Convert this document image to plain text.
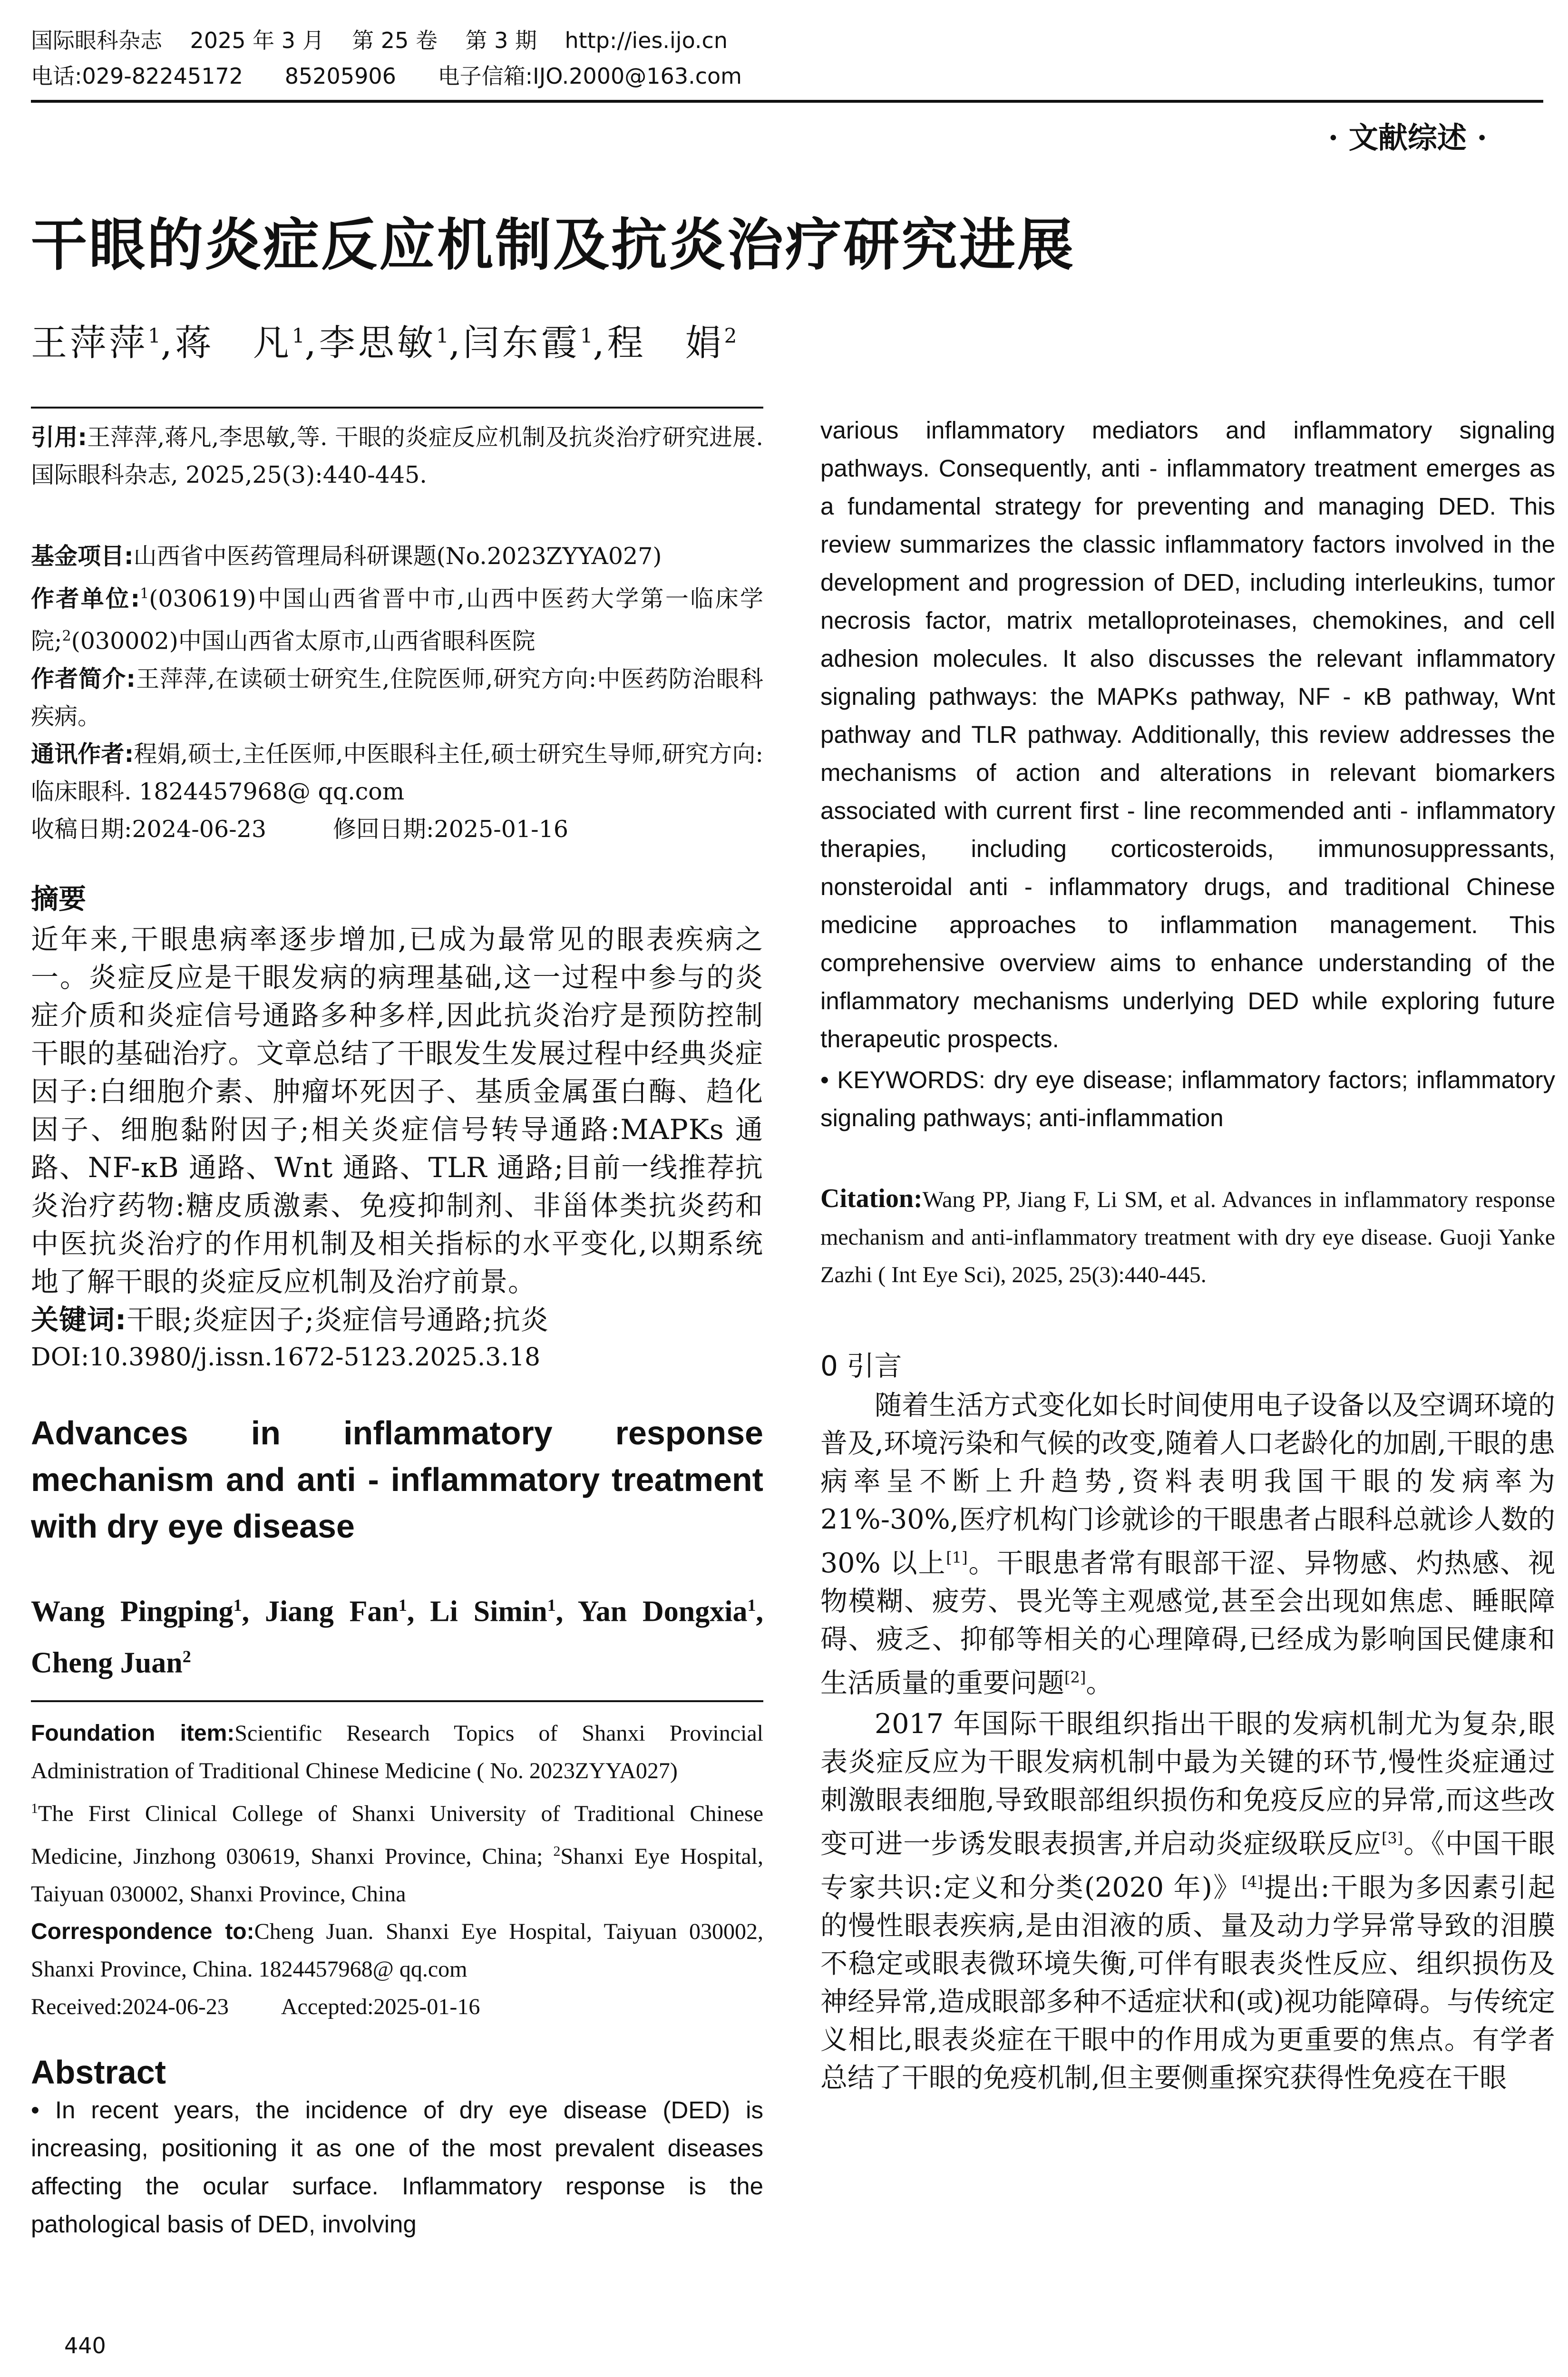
国际眼科杂志    2025 年 3 月    第 25 卷    第 3 期    http://ies.ijo.cn
电话:029-82245172      85205906      电子信箱:IJO.2000@163.com
· 文献综述 ·
干眼的炎症反应机制及抗炎治疗研究进展
王萍萍$^1$,蒋　凡$^1$,李思敏$^1$,闫东霞$^1$,程　娟$^2$

引用:王萍萍,蒋凡,李思敏,等. 干眼的炎症反应机制及抗炎治疗研究进展. 国际眼科杂志, 2025,25(3):440-445.

基金项目:山西省中医药管理局科研课题(No.2023ZYYA027)

作者单位:$^1$(030619)中国山西省晋中市,山西中医药大学第一临床学院;$^2$(030002)中国山西省太原市,山西省眼科医院

作者简介:王萍萍,在读硕士研究生,住院医师,研究方向:中医药防治眼科疾病。

通讯作者:程娟,硕士,主任医师,中医眼科主任,硕士研究生导师,研究方向:临床眼科. 1824457968@ qq.com

收稿日期:2024-06-23	修回日期:2025-01-16

摘要

近年来,干眼患病率逐步增加,已成为最常见的眼表疾病之一。炎症反应是干眼发病的病理基础,这一过程中参与的炎症介质和炎症信号通路多种多样,因此抗炎治疗是预防控制干眼的基础治疗。文章总结了干眼发生发展过程中经典炎症因子:白细胞介素、肿瘤坏死因子、基质金属蛋白酶、趋化因子、细胞黏附因子;相关炎症信号转导通路:MAPKs 通路、NF-κB 通路、Wnt 通路、TLR 通路;目前一线推荐抗炎治疗药物:糖皮质激素、免疫抑制剂、非甾体类抗炎药和中医抗炎治疗的作用机制及相关指标的水平变化,以期系统地了解干眼的炎症反应机制及治疗前景。

关键词:干眼;炎症因子;炎症信号通路;抗炎

DOI:10.3980/j.issn.1672-5123.2025.3.18

Advances in inflammatory response mechanism and anti - inflammatory treatment with dry eye disease
Wang Pingping$^1$, Jiang Fan$^1$, Li Simin$^1$, Yan Dongxia$^1$, Cheng Juan$^2$

Foundation item:Scientific Research Topics of Shanxi Provincial Administration of Traditional Chinese Medicine ( No. 2023ZYYA027)

$^1$The First Clinical College of Shanxi University of Traditional Chinese Medicine, Jinzhong 030619, Shanxi Province, China; $^2$Shanxi Eye Hospital, Taiyuan 030002, Shanxi Province, China

Correspondence to:Cheng Juan. Shanxi Eye Hospital, Taiyuan 030002, Shanxi Province, China. 1824457968@ qq.com

Received:2024-06-23 Accepted:2025-01-16

Abstract

• In recent years, the incidence of dry eye disease (DED) is increasing, positioning it as one of the most prevalent diseases affecting the ocular surface. Inflammatory response is the pathological basis of DED, involving

various inflammatory mediators and inflammatory signaling pathways. Consequently, anti - inflammatory treatment emerges as a fundamental strategy for preventing and managing DED. This review summarizes the classic inflammatory factors involved in the development and progression of DED, including interleukins, tumor necrosis factor, matrix metalloproteinases, chemokines, and cell adhesion molecules. It also discusses the relevant inflammatory signaling pathways: the MAPKs pathway, NF - κB pathway, Wnt pathway and TLR pathway. Additionally, this review addresses the mechanisms of action and alterations in relevant biomarkers associated with current first - line recommended anti - inflammatory therapies, including corticosteroids, immunosuppressants, nonsteroidal anti - inflammatory drugs, and traditional Chinese medicine approaches to inflammation management. This comprehensive overview aims to enhance understanding of the inflammatory mechanisms underlying DED while exploring future therapeutic prospects.

• KEYWORDS: dry eye disease; inflammatory factors; inflammatory signaling pathways; anti-inflammation

Citation:Wang PP, Jiang F, Li SM, et al. Advances in inflammatory response mechanism and anti-inflammatory treatment with dry eye disease. Guoji Yanke Zazhi ( Int Eye Sci), 2025, 25(3):440-445.
0 引言

随着生活方式变化如长时间使用电子设备以及空调环境的普及,环境污染和气候的改变,随着人口老龄化的加剧,干眼的患病率呈不断上升趋势,资料表明我国干眼的发病率为 21%-30%,医疗机构门诊就诊的干眼患者占眼科总就诊人数的 30% 以上[1]。干眼患者常有眼部干涩、异物感、灼热感、视物模糊、疲劳、畏光等主观感觉,甚至会出现如焦虑、睡眠障碍、疲乏、抑郁等相关的心理障碍,已经成为影响国民健康和生活质量的重要问题[2]。

2017 年国际干眼组织指出干眼的发病机制尤为复杂,眼表炎症反应为干眼发病机制中最为关键的环节,慢性炎症通过刺激眼表细胞,导致眼部组织损伤和免疫反应的异常,而这些改变可进一步诱发眼表损害,并启动炎症级联反应[3]。《中国干眼专家共识:定义和分类(2020 年)》[4]提出:干眼为多因素引起的慢性眼表疾病,是由泪液的质、量及动力学异常导致的泪膜不稳定或眼表微环境失衡,可伴有眼表炎性反应、组织损伤及神经异常,造成眼部多种不适症状和(或)视功能障碍。与传统定义相比,眼表炎症在干眼中的作用成为更重要的焦点。有学者总结了干眼的免疫机制,但主要侧重探究获得性免疫在干眼

440
